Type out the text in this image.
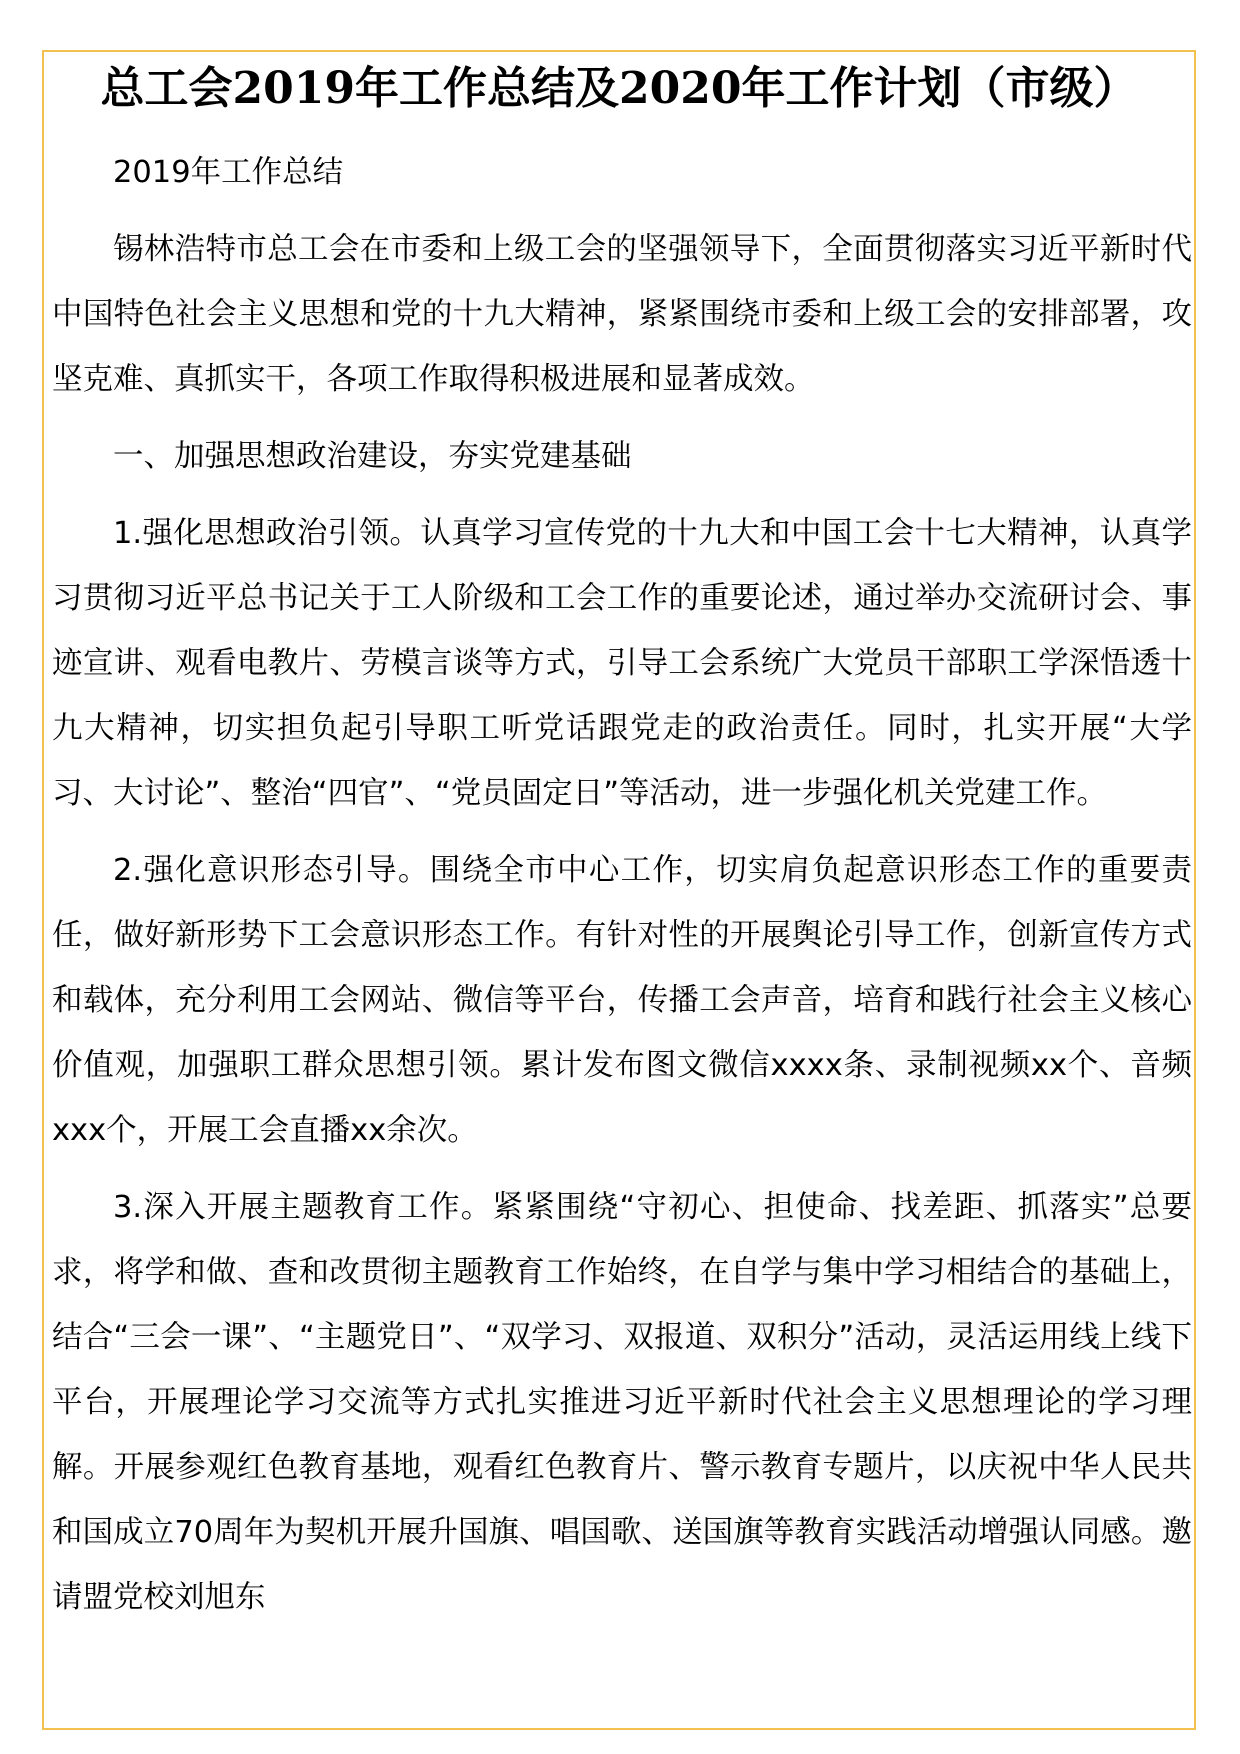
总工会2019年工作总结及2020年工作计划（市级）

2019年工作总结

锡林浩特市总工会在市委和上级工会的坚强领导下，全面贯彻落实习近平新时代中国特色社会主义思想和党的十九大精神，紧紧围绕市委和上级工会的安排部署，攻坚克难、真抓实干，各项工作取得积极进展和显著成效。

一、加强思想政治建设，夯实党建基础

1.强化思想政治引领。认真学习宣传党的十九大和中国工会十七大精神，认真学习贯彻习近平总书记关于工人阶级和工会工作的重要论述，通过举办交流研讨会、事迹宣讲、观看电教片、劳模言谈等方式，引导工会系统广大党员干部职工学深悟透十九大精神，切实担负起引导职工听党话跟党走的政治责任。同时，扎实开展“大学习、大讨论”、整治“四官”、“党员固定日”等活动，进一步强化机关党建工作。

2.强化意识形态引导。围绕全市中心工作，切实肩负起意识形态工作的重要责任，做好新形势下工会意识形态工作。有针对性的开展舆论引导工作，创新宣传方式和载体，充分利用工会网站、微信等平台，传播工会声音，培育和践行社会主义核心价值观，加强职工群众思想引领。累计发布图文微信xxxx条、录制视频xx个、音频xxx个，开展工会直播xx余次。

3.深入开展主题教育工作。紧紧围绕“守初心、担使命、找差距、抓落实”总要求，将学和做、查和改贯彻主题教育工作始终，在自学与集中学习相结合的基础上，结合“三会一课”、“主题党日”、“双学习、双报道、双积分”活动，灵活运用线上线下平台，开展理论学习交流等方式扎实推进习近平新时代社会主义思想理论的学习理解。开展参观红色教育基地，观看红色教育片、警示教育专题片，以庆祝中华人民共和国成立70周年为契机开展升国旗、唱国歌、送国旗等教育实践活动增强认同感。邀请盟党校刘旭东
